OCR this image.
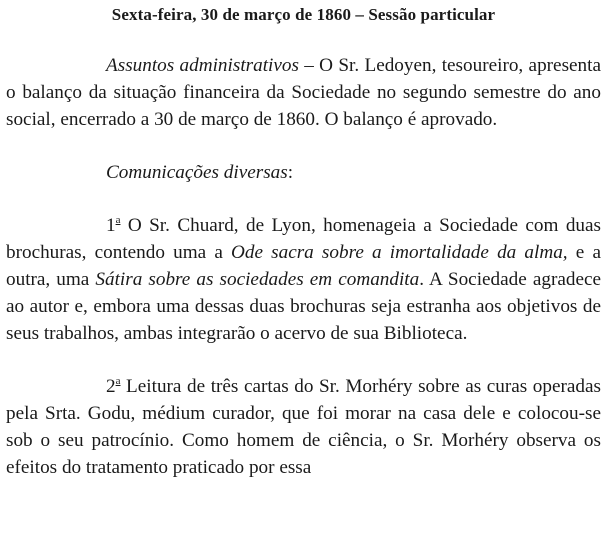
Sexta-feira, 30 de março de 1860 – Sessão particular

Assuntos administrativos – O Sr. Ledoyen, tesoureiro, apresenta o balanço da situação financeira da Sociedade no segundo semestre do ano social, encerrado a 30 de março de 1860. O balanço é aprovado.

Comunicações diversas:

1$^a$ O Sr. Chuard, de Lyon, homenageia a Sociedade com duas brochuras, contendo uma a Ode sacra sobre a imortalidade da alma, e a outra, uma Sátira sobre as sociedades em comandita. A Sociedade agradece ao autor e, embora uma dessas duas brochuras seja estranha aos objetivos de seus trabalhos, ambas integrarão o acervo de sua Biblioteca.

2$^a$ Leitura de três cartas do Sr. Morhéry sobre as curas operadas pela Srta. Godu, médium curador, que foi morar na casa dele e colocou-se sob o seu patrocínio. Como homem de ciência, o Sr. Morhéry observa os efeitos do tratamento praticado por essa
